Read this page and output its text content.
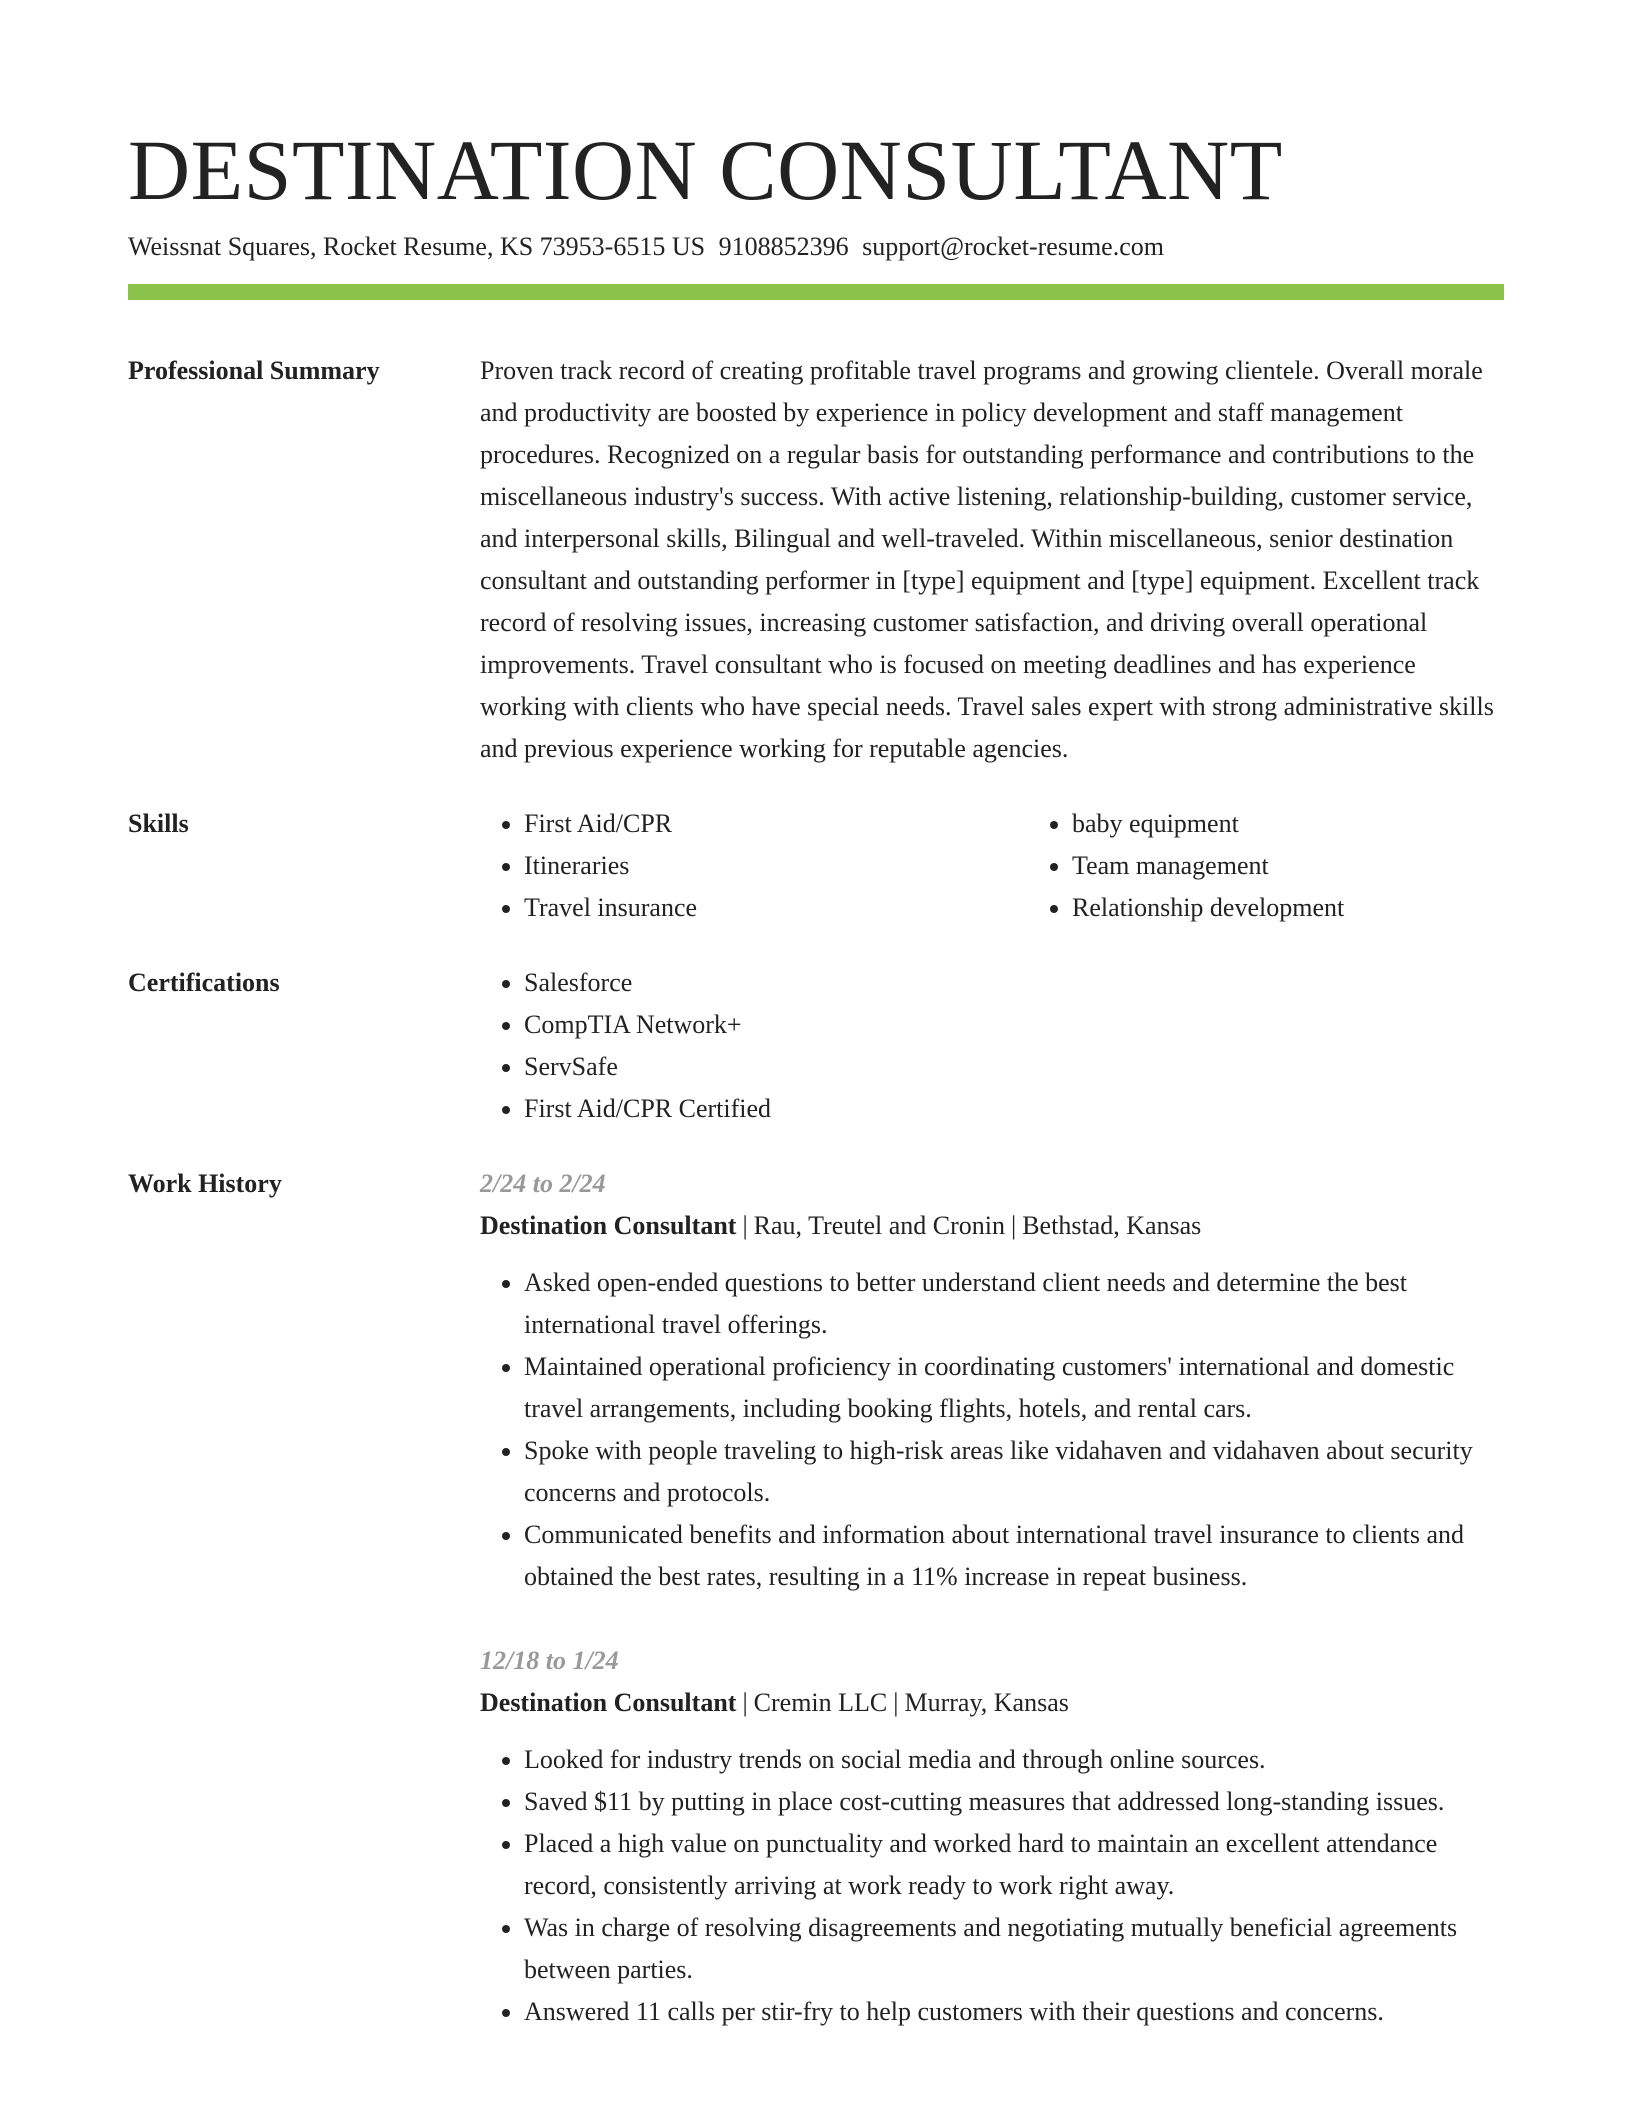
DESTINATION CONSULTANT
Weissnat Squares, Rocket Resume, KS 73953-6515 US 9108852396 support@rocket-resume.com
Professional Summary	Proven track record of creating profitable travel programs and growing clientele. Overall morale and productivity are boosted by experience in policy development and staff management procedures. Recognized on a regular basis for outstanding performance and contributions to the miscellaneous industry's success. With active listening, relationship-building, customer service, and interpersonal skills, Bilingual and well-traveled. Within miscellaneous, senior destination consultant and outstanding performer in [type] equipment and [type] equipment. Excellent track record of resolving issues, increasing customer satisfaction, and driving overall operational improvements. Travel consultant who is focused on meeting deadlines and has experience working with clients who have special needs. Travel sales expert with strong administrative skills and previous experience working for reputable agencies.

Skills	• First Aid/CPR
• Itineraries
• Travel insurance
• baby equipment
• Team management
• Relationship development
Certifications	• Salesforce
• CompTIA Network+
• ServSafe
• First Aid/CPR Certified
Work History	2/24 to 2/24
Destination Consultant | Rau, Treutel and Cronin | Bethstad, Kansas
• Asked open-ended questions to better understand client needs and determine the best international travel offerings.
• Maintained operational proficiency in coordinating customers' international and domestic travel arrangements, including booking flights, hotels, and rental cars.
• Spoke with people traveling to high-risk areas like vidahaven and vidahaven about security concerns and protocols.
• Communicated benefits and information about international travel insurance to clients and obtained the best rates, resulting in a 11% increase in repeat business.
12/18 to 1/24
Destination Consultant | Cremin LLC | Murray, Kansas
• Looked for industry trends on social media and through online sources.
• Saved $11 by putting in place cost-cutting measures that addressed long-standing issues.
• Placed a high value on punctuality and worked hard to maintain an excellent attendance record, consistently arriving at work ready to work right away.
• Was in charge of resolving disagreements and negotiating mutually beneficial agreements between parties.
• Answered 11 calls per stir-fry to help customers with their questions and concerns.
